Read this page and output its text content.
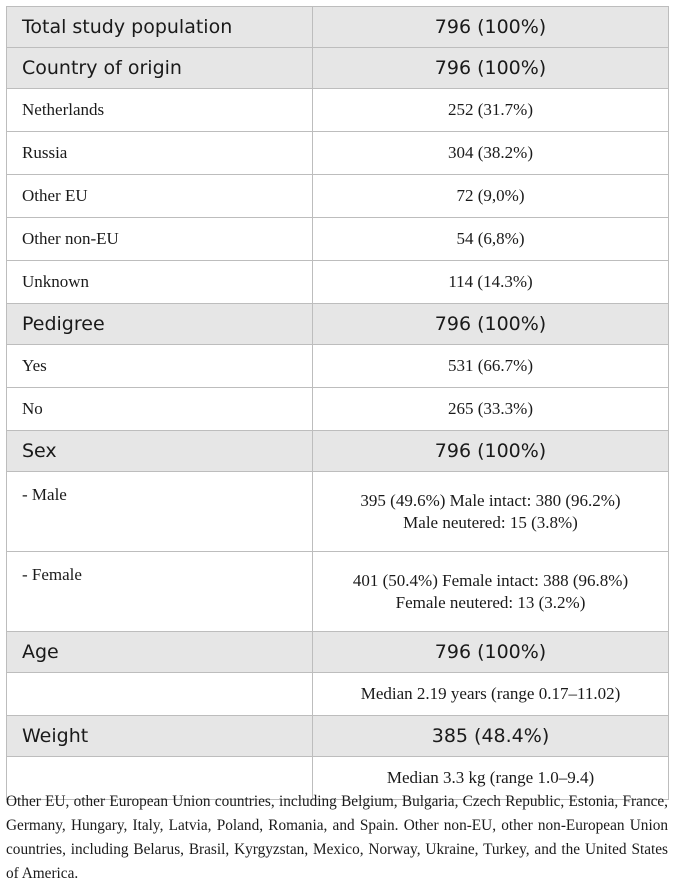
Total study population	796 (100%)
Country of origin	796 (100%)
Netherlands	252 (31.7%)
Russia	304 (38.2%)
Other EU	72 (9,0%)
Other non-EU	54 (6,8%)
Unknown	114 (14.3%)
Pedigree	796 (100%)
Yes	531 (66.7%)
No	265 (33.3%)
Sex	796 (100%)
- Male	395 (49.6%) Male intact: 380 (96.2%)
Male neutered: 15 (3.8%)

- Female	401 (50.4%) Female intact: 388 (96.8%)
Female neutered: 13 (3.2%)

Age	796 (100%)
	Median 2.19 years (range 0.17–11.02)
Weight	385 (48.4%)
	Median 3.3 kg (range 1.0–9.4)
Other EU, other European Union countries, including Belgium, Bulgaria, Czech Republic, Estonia, France, Germany, Hungary, Italy, Latvia, Poland, Romania, and Spain. Other non-EU, other non-European Union countries, including Belarus, Brasil, Kyrgyzstan, Mexico, Norway, Ukraine, Turkey, and the United States of America.
